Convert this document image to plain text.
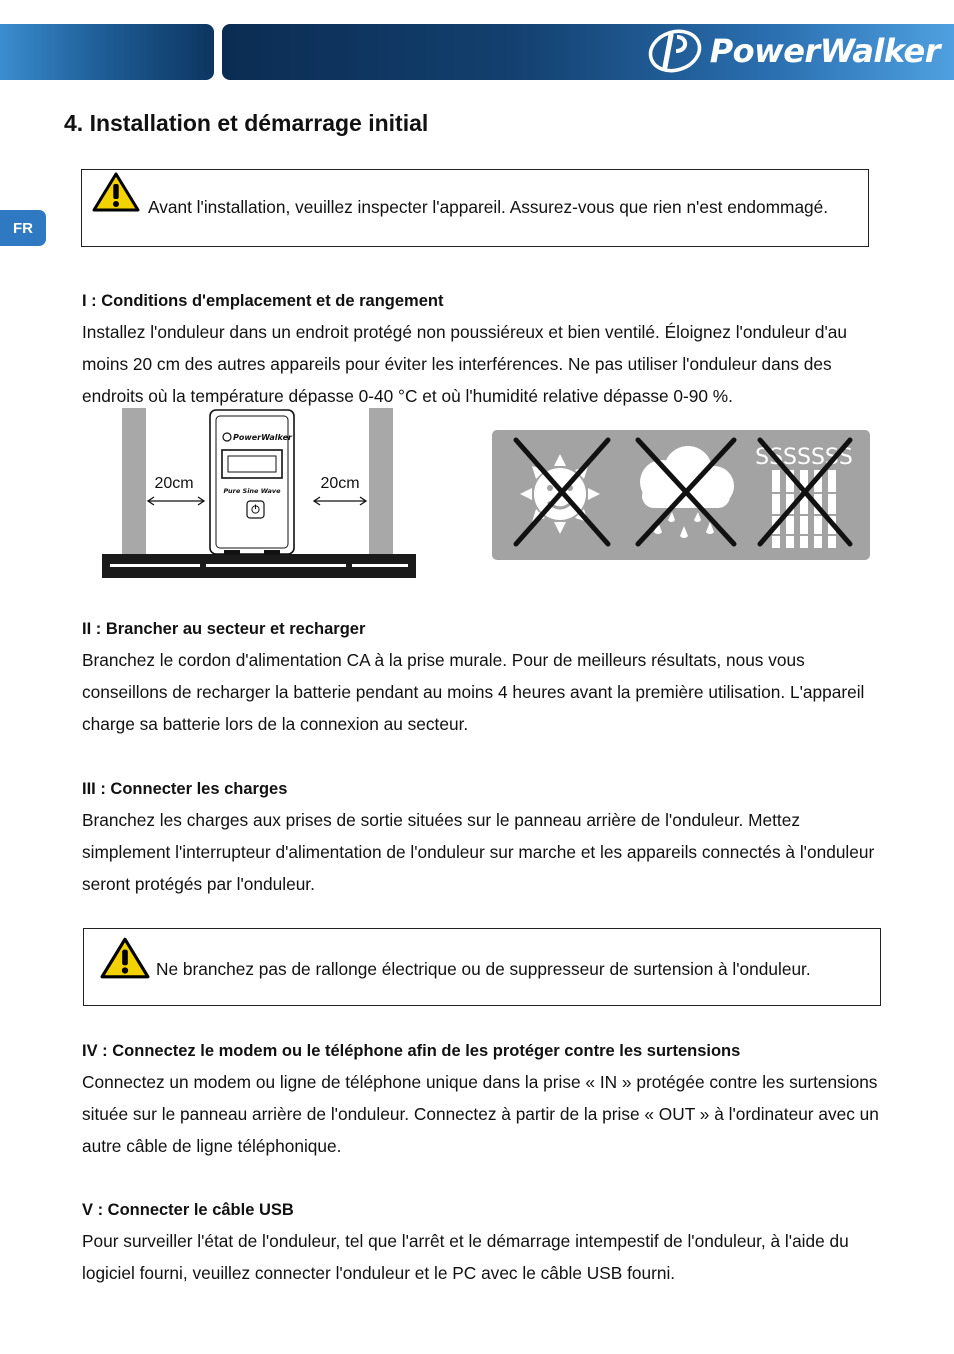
PowerWalker
FR
4. Installation et démarrage initial
Avant l'installation, veuillez inspecter l'appareil. Assurez-vous que rien n'est endommagé.
I : Conditions d'emplacement et de rangement

Installez l'onduleur dans un endroit protégé non poussiéreux et bien ventilé. Éloignez l'onduleur d'au moins 20 cm des autres appareils pour éviter les interférences. Ne pas utiliser l'onduleur dans des endroits où la température dépasse 0-40 °C et où l'humidité relative dépasse 0-90 %.

PowerWalker
Pure Sine Wave
20cm	20cm
SSSSSSS
II : Brancher au secteur et recharger

Branchez le cordon d'alimentation CA à la prise murale. Pour de meilleurs résultats, nous vous conseillons de recharger la batterie pendant au moins 4 heures avant la première utilisation. L'appareil charge sa batterie lors de la connexion au secteur.

III : Connecter les charges

Branchez les charges aux prises de sortie situées sur le panneau arrière de l'onduleur. Mettez simplement l'interrupteur d'alimentation de l'onduleur sur marche et les appareils connectés à l'onduleur seront protégés par l'onduleur.

Ne branchez pas de rallonge électrique ou de suppresseur de surtension à l'onduleur.
IV : Connectez le modem ou le téléphone afin de les protéger contre les surtensions

Connectez un modem ou ligne de téléphone unique dans la prise « IN » protégée contre les surtensions située sur le panneau arrière de l'onduleur. Connectez à partir de la prise « OUT » à l'ordinateur avec un autre câble de ligne téléphonique.

V : Connecter le câble USB

Pour surveiller l'état de l'onduleur, tel que l'arrêt et le démarrage intempestif de l'onduleur, à l'aide du logiciel fourni, veuillez connecter l'onduleur et le PC avec le câble USB fourni.
